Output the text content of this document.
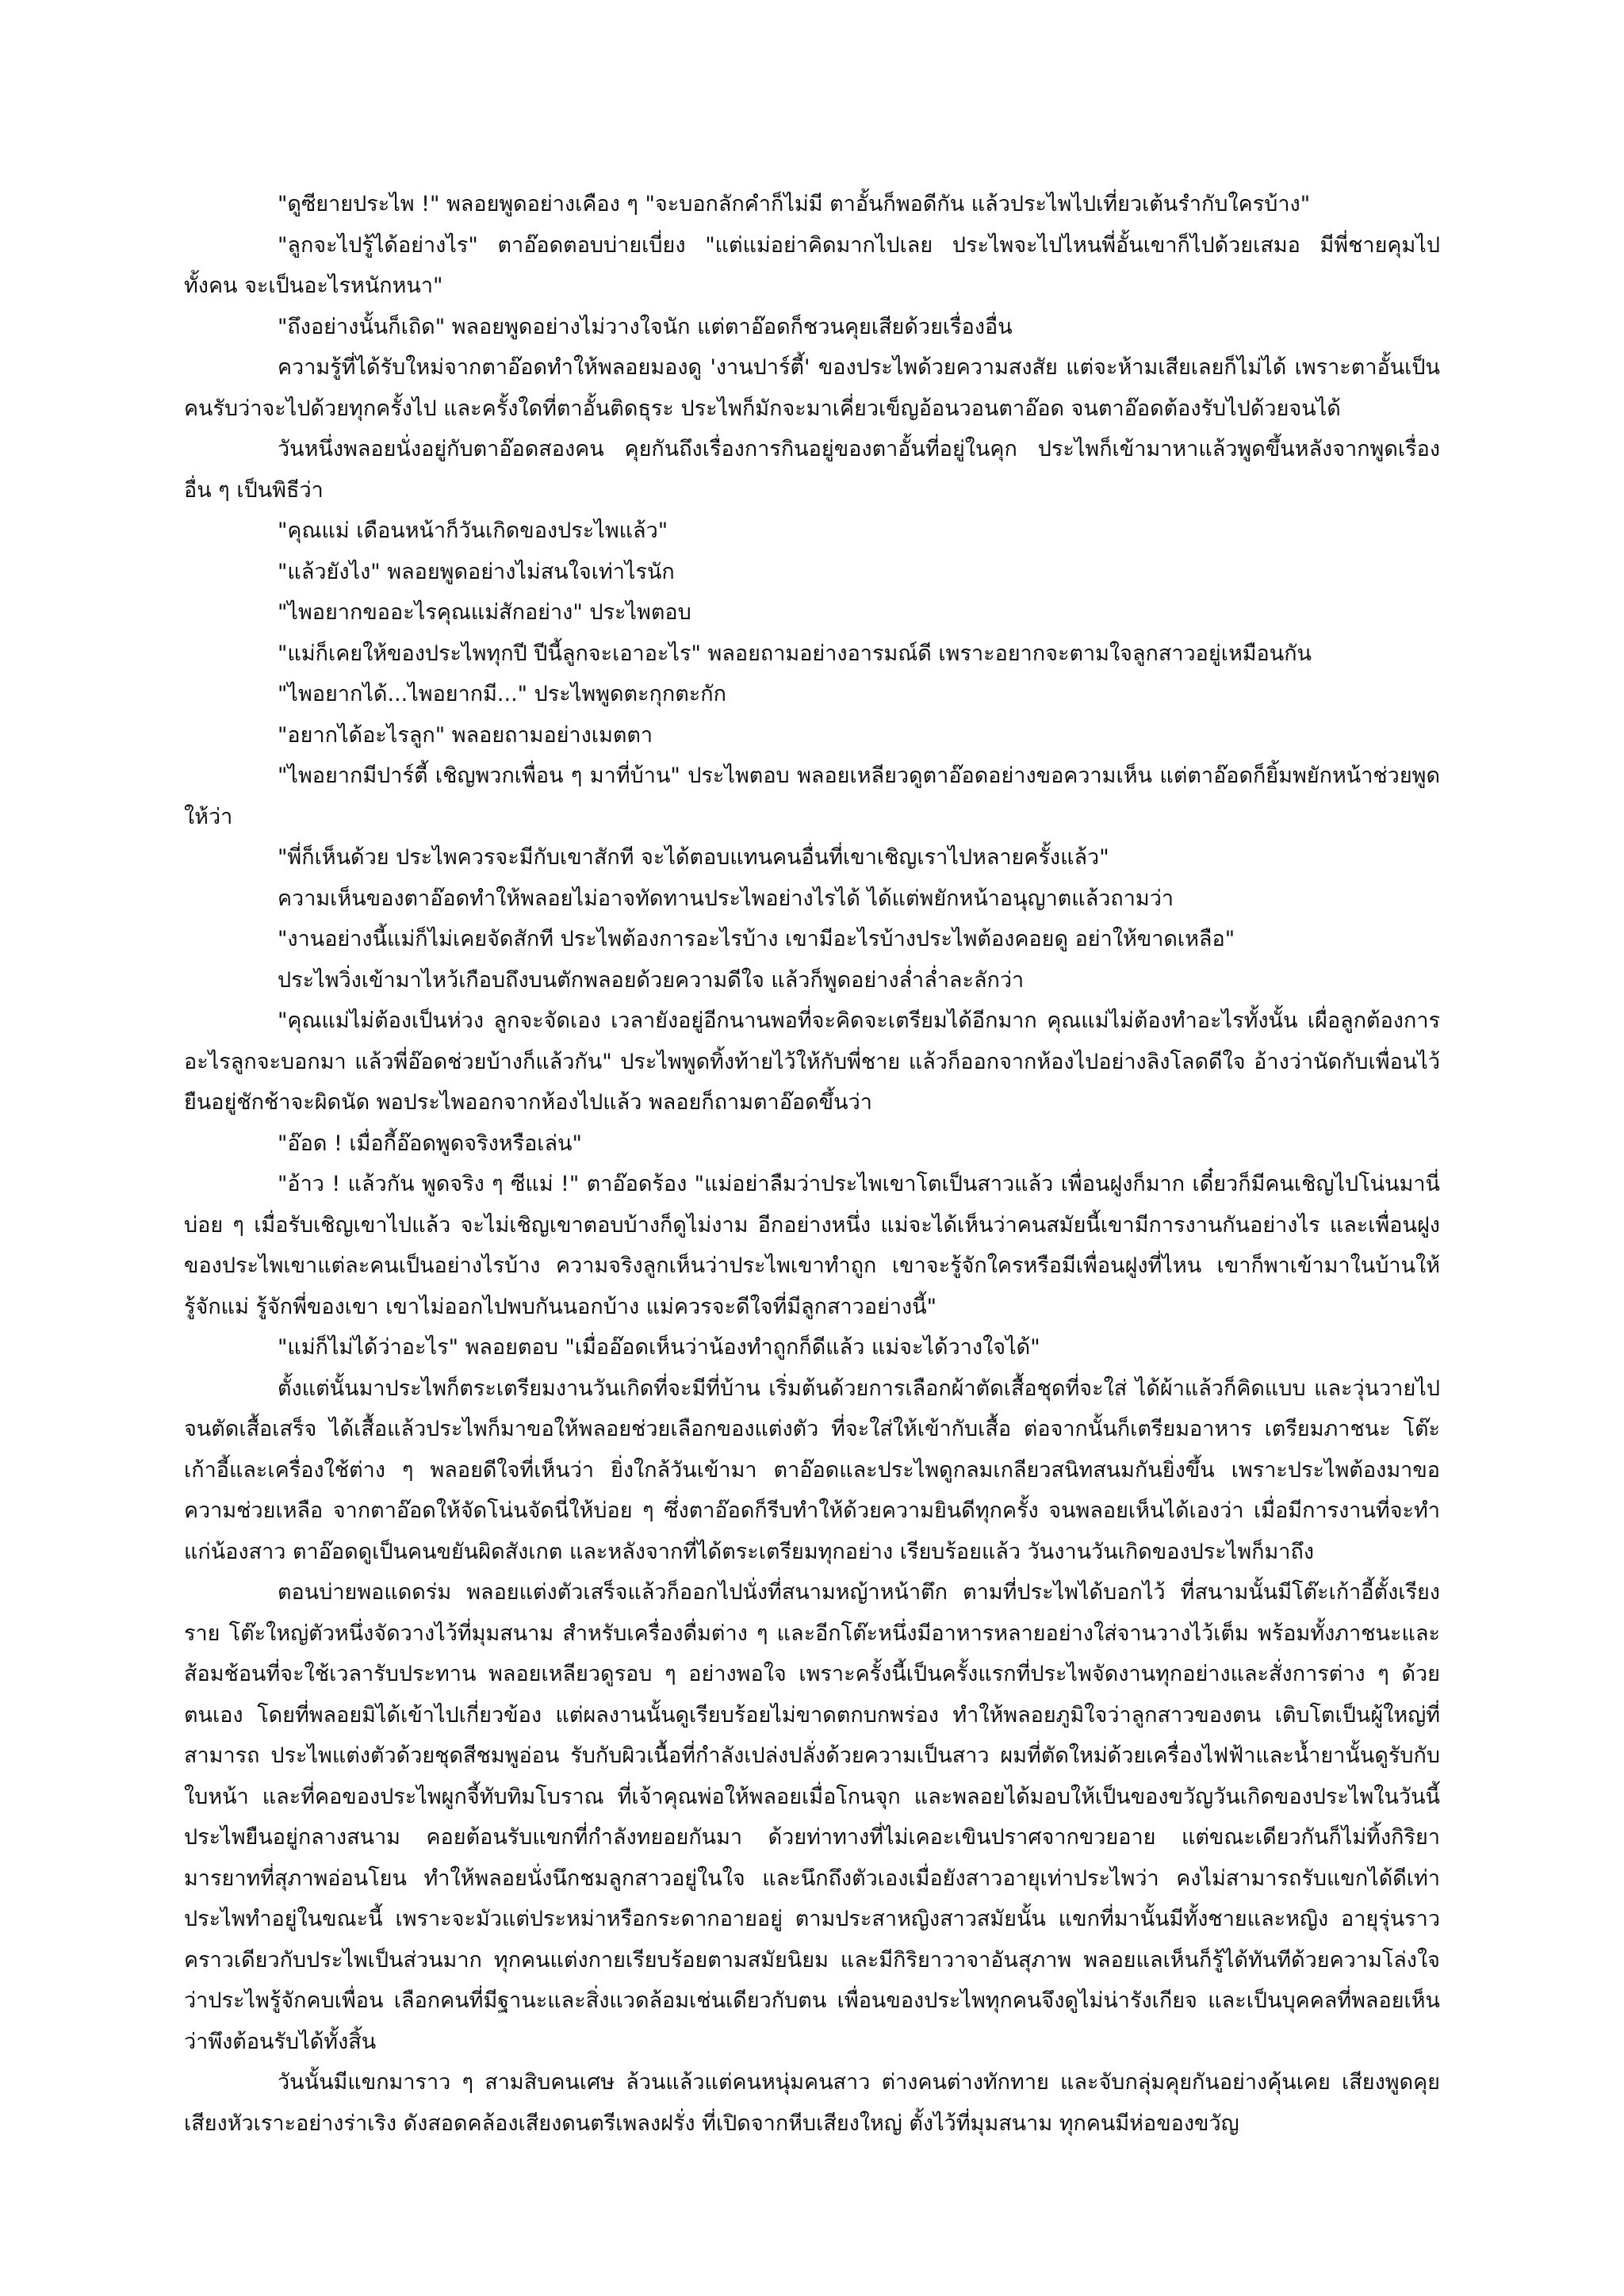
"ดูซียายประไพ !" พลอยพูดอย่างเคือง ๆ "จะบอกลักคำก็ไม่มี ตาอั้นก็พอดีกัน แล้วประไพไปเที่ยวเต้นรำกับใครบ้าง"

"ลูกจะไปรู้ได้อย่างไร" ตาอ๊อดตอบบ่ายเบี่ยง "แต่แม่อย่าคิดมากไปเลย ประไพจะไปไหนพี่อั้นเขาก็ไปด้วยเสมอ มีพี่ชายคุมไปทั้งคน จะเป็นอะไรหนักหนา"

"ถึงอย่างนั้นก็เถิด" พลอยพูดอย่างไม่วางใจนัก แต่ตาอ๊อดก็ชวนคุยเสียด้วยเรื่องอื่น

ความรู้ที่ได้รับใหม่จากตาอ๊อดทำให้พลอยมองดู 'งานปาร์ตี้' ของประไพด้วยความสงสัย แต่จะห้ามเสียเลยก็ไม่ได้ เพราะตาอั้นเป็นคนรับว่าจะไปด้วยทุกครั้งไป และครั้งใดที่ตาอั้นติดธุระ ประไพก็มักจะมาเคี่ยวเข็ญอ้อนวอนตาอ๊อด จนตาอ๊อดต้องรับไปด้วยจนได้

วันหนึ่งพลอยนั่งอยู่กับตาอ๊อดสองคน คุยกันถึงเรื่องการกินอยู่ของตาอั้นที่อยู่ในคุก ประไพก็เข้ามาหาแล้วพูดขึ้นหลังจากพูดเรื่องอื่น ๆ เป็นพิธีว่า

"คุณแม่ เดือนหน้าก็วันเกิดของประไพแล้ว"

"แล้วยังไง" พลอยพูดอย่างไม่สนใจเท่าไรนัก

"ไพอยากขออะไรคุณแม่สักอย่าง" ประไพตอบ

"แม่ก็เคยให้ของประไพทุกปี ปีนี้ลูกจะเอาอะไร" พลอยถามอย่างอารมณ์ดี เพราะอยากจะตามใจลูกสาวอยู่เหมือนกัน

"ไพอยากได้...ไพอยากมี..." ประไพพูดตะกุกตะกัก

"อยากได้อะไรลูก" พลอยถามอย่างเมตตา

"ไพอยากมีปาร์ตี้ เชิญพวกเพื่อน ๆ มาที่บ้าน" ประไพตอบ พลอยเหลียวดูตาอ๊อดอย่างขอความเห็น แต่ตาอ๊อดก็ยิ้มพยักหน้าช่วยพูดให้ว่า

"พี่ก็เห็นด้วย ประไพควรจะมีกับเขาสักที จะได้ตอบแทนคนอื่นที่เขาเชิญเราไปหลายครั้งแล้ว"

ความเห็นของตาอ๊อดทำให้พลอยไม่อาจทัดทานประไพอย่างไรได้ ได้แต่พยักหน้าอนุญาตแล้วถามว่า

"งานอย่างนี้แม่ก็ไม่เคยจัดสักที ประไพต้องการอะไรบ้าง เขามีอะไรบ้างประไพต้องคอยดู อย่าให้ขาดเหลือ"

ประไพวิ่งเข้ามาไหว้เกือบถึงบนตักพลอยด้วยความดีใจ แล้วก็พูดอย่างล่ำล่ำละลักว่า

"คุณแม่ไม่ต้องเป็นห่วง ลูกจะจัดเอง เวลายังอยู่อีกนานพอที่จะคิดจะเตรียมได้อีกมาก คุณแม่ไม่ต้องทำอะไรทั้งนั้น เผื่อลูกต้องการอะไรลูกจะบอกมา แล้วพี่อ๊อดช่วยบ้างก็แล้วกัน" ประไพพูดทิ้งท้ายไว้ให้กับพี่ชาย แล้วก็ออกจากห้องไปอย่างลิงโลดดีใจ อ้างว่านัดกับเพื่อนไว้ยืนอยู่ชักช้าจะผิดนัด พอประไพออกจากห้องไปแล้ว พลอยก็ถามตาอ๊อดขึ้นว่า

"อ๊อด ! เมื่อกี้อ๊อดพูดจริงหรือเล่น"

"อ้าว ! แล้วกัน พูดจริง ๆ ซีแม่ !" ตาอ๊อดร้อง "แม่อย่าลืมว่าประไพเขาโตเป็นสาวแล้ว เพื่อนฝูงก็มาก เดี๋ยวก็มีคนเชิญไปโน่นมานี่บ่อย ๆ เมื่อรับเชิญเขาไปแล้ว จะไม่เชิญเขาตอบบ้างก็ดูไม่งาม อีกอย่างหนึ่ง แม่จะได้เห็นว่าคนสมัยนี้เขามีการงานกันอย่างไร และเพื่อนฝูงของประไพเขาแต่ละคนเป็นอย่างไรบ้าง ความจริงลูกเห็นว่าประไพเขาทำถูก เขาจะรู้จักใครหรือมีเพื่อนฝูงที่ไหน เขาก็พาเข้ามาในบ้านให้รู้จักแม่ รู้จักพี่ของเขา เขาไม่ออกไปพบกันนอกบ้าง แม่ควรจะดีใจที่มีลูกสาวอย่างนี้"

"แม่ก็ไม่ได้ว่าอะไร" พลอยตอบ "เมื่ออ๊อดเห็นว่าน้องทำถูกก็ดีแล้ว แม่จะได้วางใจได้"

ตั้งแต่นั้นมาประไพก็ตระเตรียมงานวันเกิดที่จะมีที่บ้าน เริ่มต้นด้วยการเลือกผ้าตัดเสื้อชุดที่จะใส่ ได้ผ้าแล้วก็คิดแบบ และวุ่นวายไปจนตัดเสื้อเสร็จ ได้เสื้อแล้วประไพก็มาขอให้พลอยช่วยเลือกของแต่งตัว ที่จะใส่ให้เข้ากับเสื้อ ต่อจากนั้นก็เตรียมอาหาร เตรียมภาชนะ โต๊ะเก้าอี้และเครื่องใช้ต่าง ๆ พลอยดีใจที่เห็นว่า ยิ่งใกล้วันเข้ามา ตาอ๊อดและประไพดูกลมเกลียวสนิทสนมกันยิ่งขึ้น เพราะประไพต้องมาขอความช่วยเหลือ จากตาอ๊อดให้จัดโน่นจัดนี่ให้บ่อย ๆ ซึ่งตาอ๊อดก็รีบทำให้ด้วยความยินดีทุกครั้ง จนพลอยเห็นได้เองว่า เมื่อมีการงานที่จะทำแก่น้องสาว ตาอ๊อดดูเป็นคนขยันผิดสังเกต และหลังจากที่ได้ตระเตรียมทุกอย่าง เรียบร้อยแล้ว วันงานวันเกิดของประไพก็มาถึง

ตอนบ่ายพอแดดร่ม พลอยแต่งตัวเสร็จแล้วก็ออกไปนั่งที่สนามหญ้าหน้าตึก ตามที่ประไพได้บอกไว้ ที่สนามนั้นมีโต๊ะเก้าอี้ตั้งเรียงราย โต๊ะใหญ่ตัวหนึ่งจัดวางไว้ที่มุมสนาม สำหรับเครื่องดื่มต่าง ๆ และอีกโต๊ะหนึ่งมีอาหารหลายอย่างใส่จานวางไว้เต็ม พร้อมทั้งภาชนะและส้อมช้อนที่จะใช้เวลารับประทาน พลอยเหลียวดูรอบ ๆ อย่างพอใจ เพราะครั้งนี้เป็นครั้งแรกที่ประไพจัดงานทุกอย่างและสั่งการต่าง ๆ ด้วยตนเอง โดยที่พลอยมิได้เข้าไปเกี่ยวข้อง แต่ผลงานนั้นดูเรียบร้อยไม่ขาดตกบกพร่อง ทำให้พลอยภูมิใจว่าลูกสาวของตน เติบโตเป็นผู้ใหญ่ที่สามารถ ประไพแต่งตัวด้วยชุดสีชมพูอ่อน รับกับผิวเนื้อที่กำลังเปล่งปลั่งด้วยความเป็นสาว ผมที่ตัดใหม่ด้วยเครื่องไฟฟ้าและน้ำยานั้นดูรับกับใบหน้า และที่คอของประไพผูกจี้ทับทิมโบราณ ที่เจ้าคุณพ่อให้พลอยเมื่อโกนจุก และพลอยได้มอบให้เป็นของขวัญวันเกิดของประไพในวันนี้ ประไพยืนอยู่กลางสนาม คอยต้อนรับแขกที่กำลังทยอยกันมา ด้วยท่าทางที่ไม่เคอะเขินปราศจากขวยอาย แต่ขณะเดียวกันก็ไม่ทิ้งกิริยามารยาทที่สุภาพอ่อนโยน ทำให้พลอยนั่งนึกชมลูกสาวอยู่ในใจ และนึกถึงตัวเองเมื่อยังสาวอายุเท่าประไพว่า คงไม่สามารถรับแขกได้ดีเท่าประไพทำอยู่ในขณะนี้ เพราะจะมัวแต่ประหม่าหรือกระดากอายอยู่ ตามประสาหญิงสาวสมัยนั้น แขกที่มานั้นมีทั้งชายและหญิง อายุรุ่นราวคราวเดียวกับประไพเป็นส่วนมาก ทุกคนแต่งกายเรียบร้อยตามสมัยนิยม และมีกิริยาวาจาอันสุภาพ พลอยแลเห็นก็รู้ได้ทันทีด้วยความโล่งใจว่าประไพรู้จักคบเพื่อน เลือกคนที่มีฐานะและสิ่งแวดล้อมเช่นเดียวกับตน เพื่อนของประไพทุกคนจึงดูไม่น่ารังเกียจ และเป็นบุคคลที่พลอยเห็นว่าพึงต้อนรับได้ทั้งสิ้น

วันนั้นมีแขกมาราว ๆ สามสิบคนเศษ ล้วนแล้วแต่คนหนุ่มคนสาว ต่างคนต่างทักทาย และจับกลุ่มคุยกันอย่างคุ้นเคย เสียงพูดคุย เสียงหัวเราะอย่างร่าเริง ดังสอดคล้องเสียงดนตรีเพลงฝรั่ง ที่เปิดจากหีบเสียงใหญ่ ตั้งไว้ที่มุมสนาม ทุกคนมีห่อของขวัญ
